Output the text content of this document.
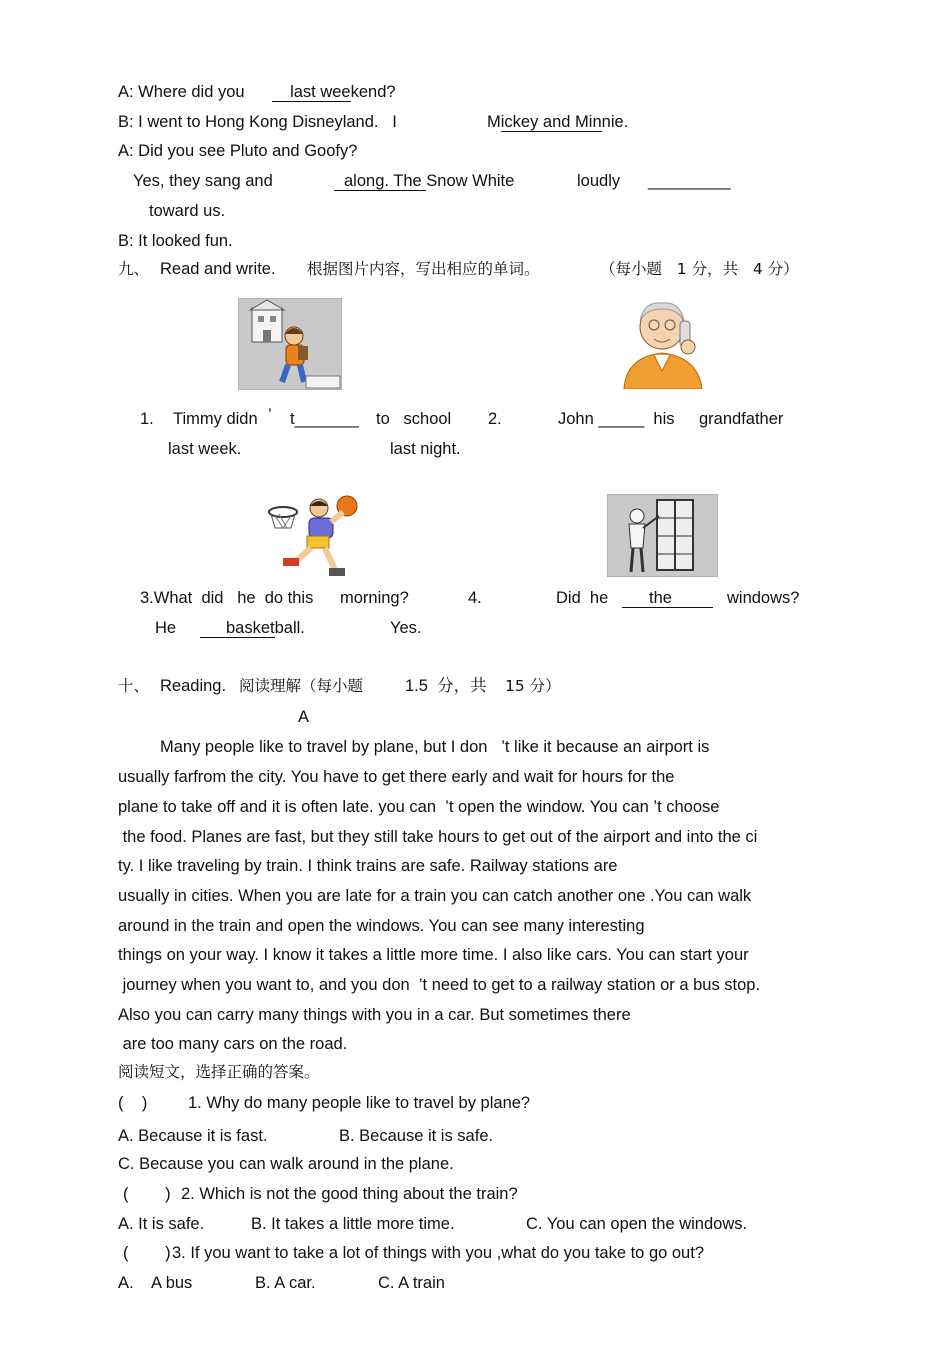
A: Where did you	last weekend?
B: I went to Hong Kong Disneyland.   I	Mickey and Minnie.
A: Did you see Pluto and Goofy?
Yes, they sang and	along. The Snow White	loudly _________
toward us.
B: It looked fun.
九、 Read and write. 根据图片内容，写出相应的单词。	（每小题   1 分，共   4 分）
1. Timmy didn ’ t_______ to   school
last week.
2.	John _____  his grandfather
last night.
3.What  did   he  do this morning?
He	basketball.
4.	Did  he	the	windows?
Yes.
十、 Reading. 阅读理解（每小题	1.5  分，共 15 分）
A
Many people like to travel by plane, but I don   ’t like it because an airport is
usually farfrom the city. You have to get there early and wait for hours for the
plane to take off and it is often late. you can  ’t open the window. You can ’t choose
the food. Planes are fast, but they still take hours to get out of the airport and into the ci
ty. I like traveling by train. I think trains are safe. Railway stations are
usually in cities. When you are late for a train you can catch another one .You can walk
around in the train and open the windows. You can see many interesting
things on your way. I know it takes a little more time. I also like cars. You can start your
journey when you want to, and you don  ’t need to get to a railway station or a bus stop.
Also you can carry many things with you in a car. But sometimes there
are too many cars on the road.
阅读短文，选择正确的答案。
(    ) 1. Why do many people like to travel by plane?
A. Because it is fast.	B. Because it is safe.
C. Because you can walk around in the plane.
(        ) 2. Which is not the good thing about the train?
A. It is safe.	B. It takes a little more time.	C. You can open the windows.
(        ) 3. If you want to take a lot of things with you ,what do you take to go out?
A.    A bus	B. A car.	C. A train
